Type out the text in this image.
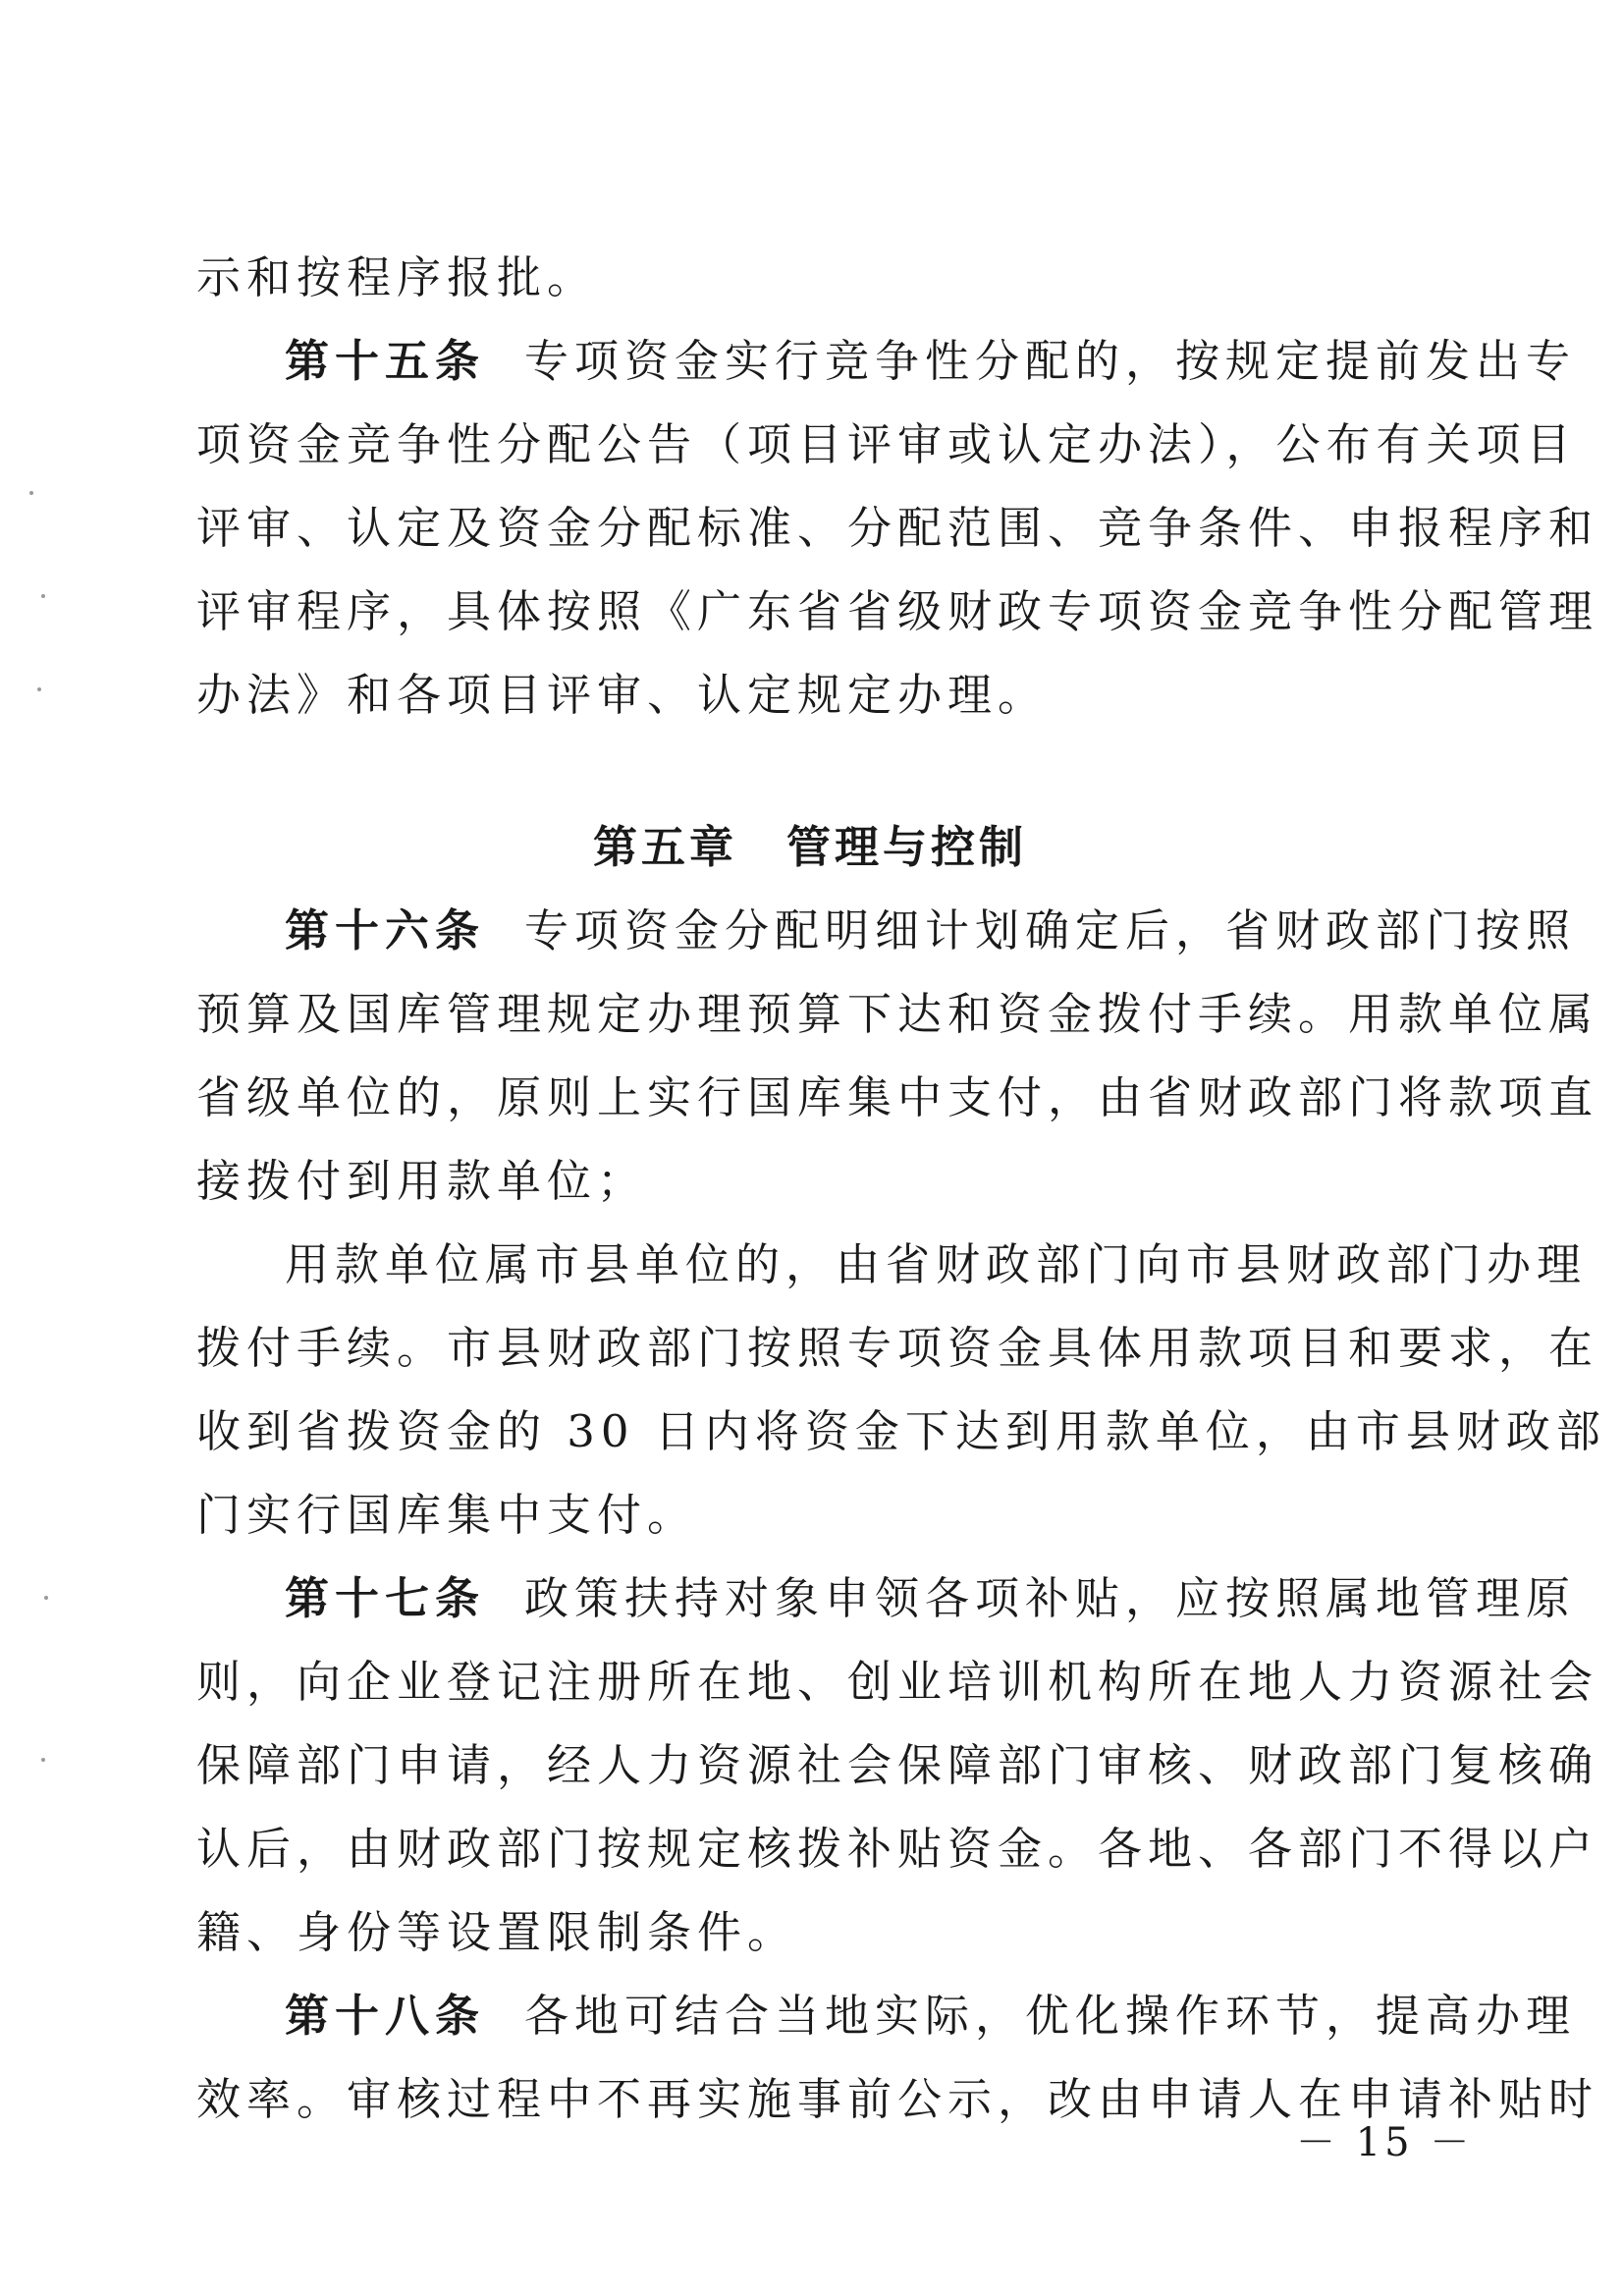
示和按程序报批。
第十五条 专项资金实行竞争性分配的，按规定提前发出专
项资金竞争性分配公告（项目评审或认定办法），公布有关项目
评审、认定及资金分配标准、分配范围、竞争条件、申报程序和
评审程序，具体按照《广东省省级财政专项资金竞争性分配管理
办法》和各项目评审、认定规定办理。
第五章 管理与控制
第十六条 专项资金分配明细计划确定后，省财政部门按照
预算及国库管理规定办理预算下达和资金拨付手续。用款单位属
省级单位的，原则上实行国库集中支付，由省财政部门将款项直
接拨付到用款单位；
用款单位属市县单位的，由省财政部门向市县财政部门办理
拨付手续。市县财政部门按照专项资金具体用款项目和要求，在
收到省拨资金的 30 日内将资金下达到用款单位，由市县财政部
门实行国库集中支付。
第十七条 政策扶持对象申领各项补贴，应按照属地管理原
则，向企业登记注册所在地、创业培训机构所在地人力资源社会
保障部门申请，经人力资源社会保障部门审核、财政部门复核确
认后，由财政部门按规定核拨补贴资金。各地、各部门不得以户
籍、身份等设置限制条件。
第十八条 各地可结合当地实际，优化操作环节，提高办理
效率。审核过程中不再实施事前公示，改由申请人在申请补贴时
－ 15 －
